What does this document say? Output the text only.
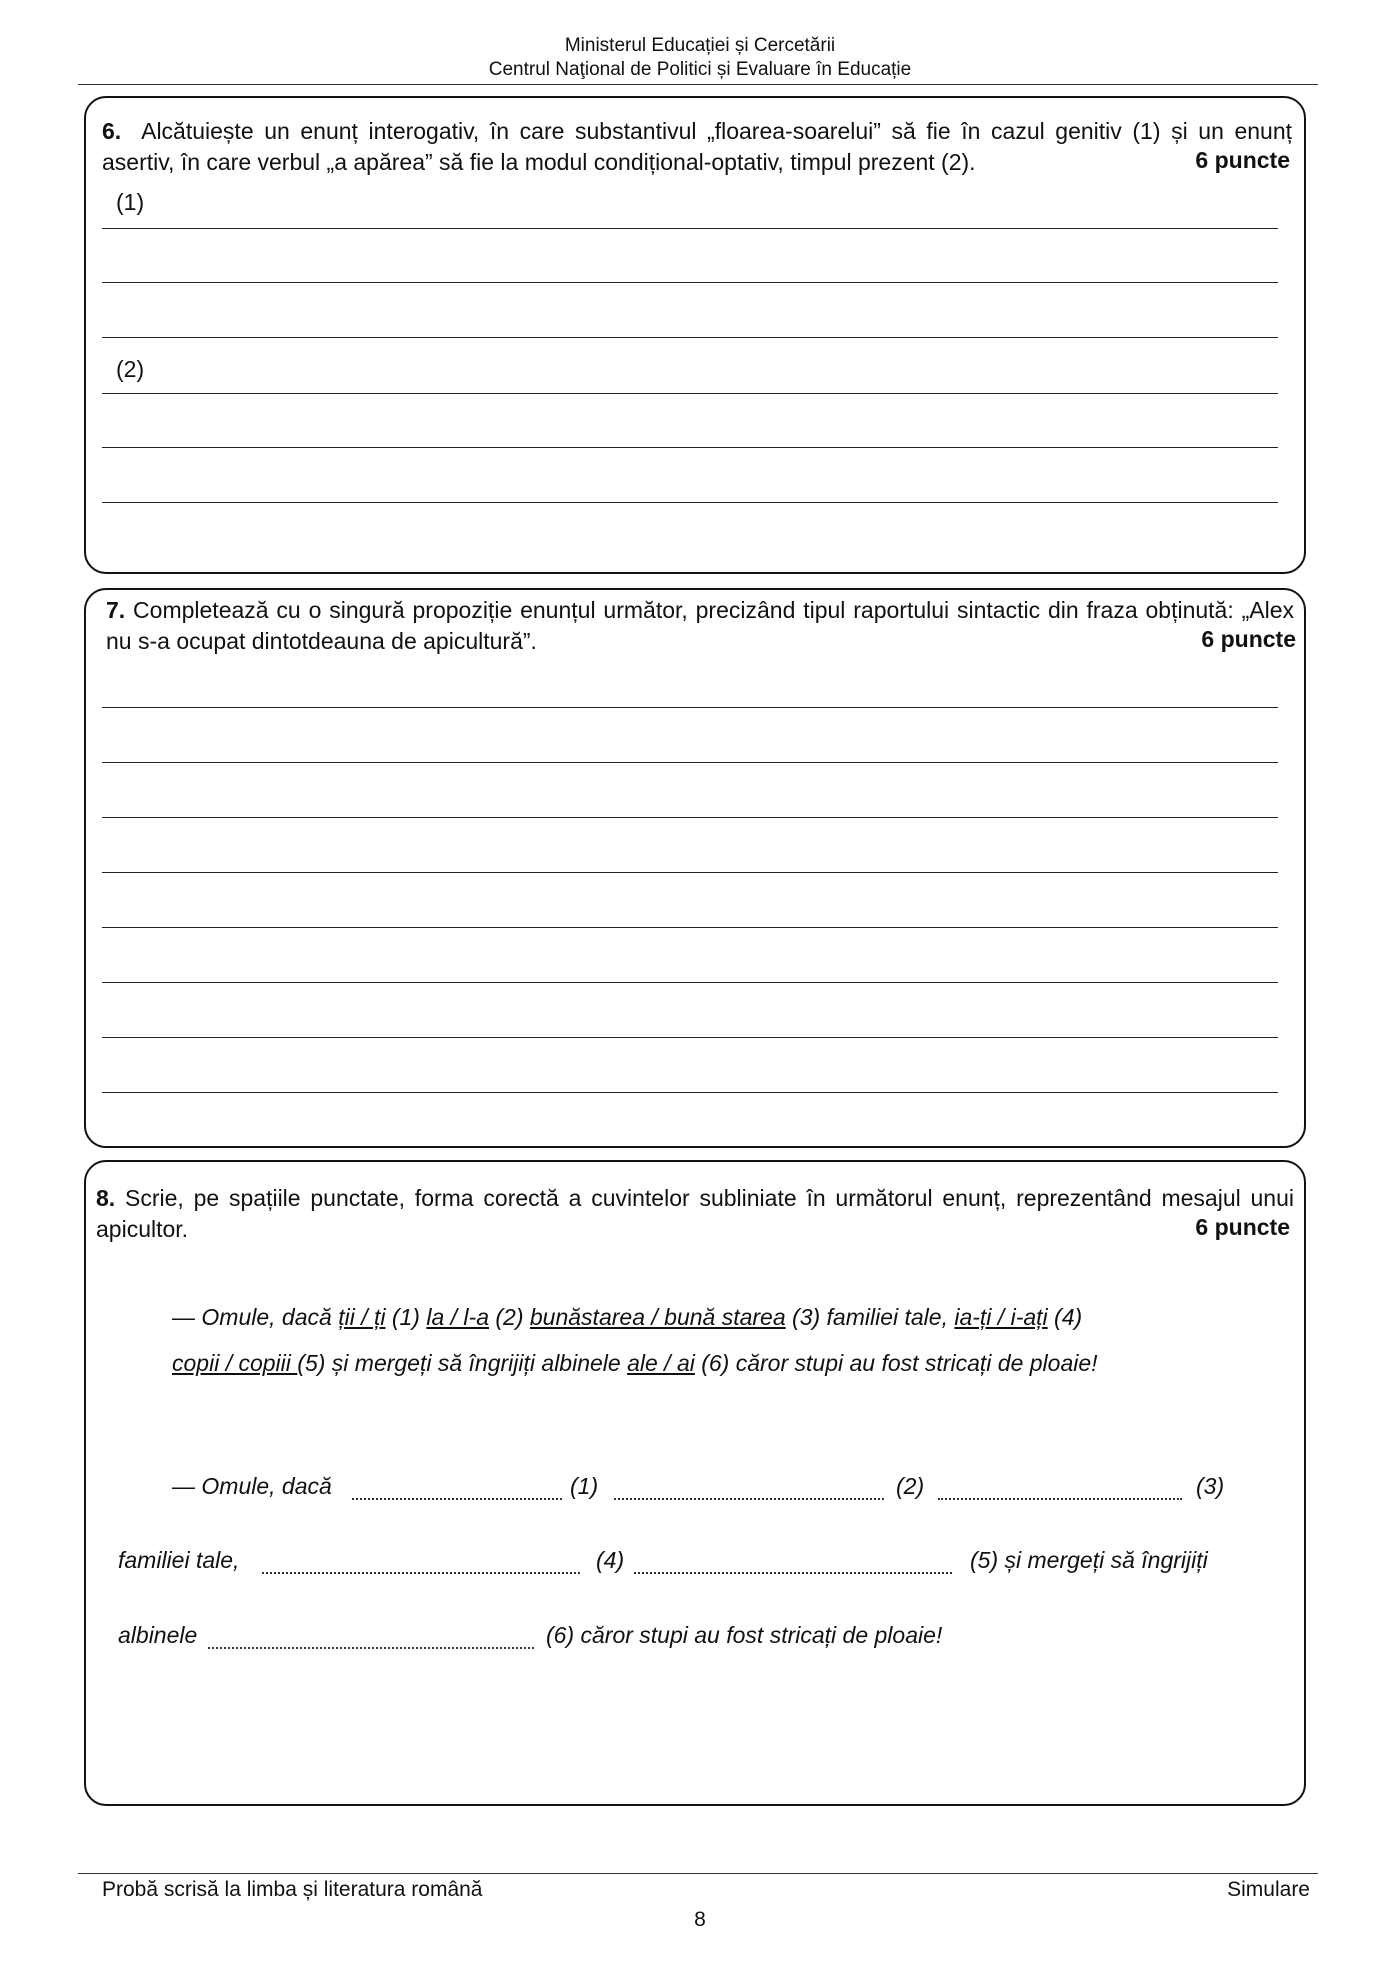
Ministerul Educației și Cercetării
Centrul Naţional de Politici și Evaluare în Educație
6. Alcătuiește un enunț interogativ, în care substantivul „floarea-soarelui” să fie în cazul genitiv (1) și un enunț asertiv, în care verbul „a apărea” să fie la modul condițional-optativ, timpul prezent (2).	6 puncte
(1)
(2)
7. Completează cu o singură propoziție enunțul următor, precizând tipul raportului sintactic din fraza obținută: „Alex nu s-a ocupat dintotdeauna de apicultură”.	6 puncte
8. Scrie, pe spațiile punctate, forma corectă a cuvintelor subliniate în următorul enunț, reprezentând mesajul unui apicultor.	6 puncte
— Omule, dacă ții / ți (1) la / l-a (2) bunăstarea / bună starea (3) familiei tale, ia-ți / i-ați (4)
copii / copiii (5) și mergeți să îngrijiți albinele ale / ai (6) căror stupi au fost stricați de ploaie!
— Omule, dacă	(1)	(2)	(3)
familiei tale,	(4)	(5) și mergeți să îngrijiți
albinele	(6) căror stupi au fost stricați de ploaie!
Probă scrisă la limba și literatura română	Simulare
8
